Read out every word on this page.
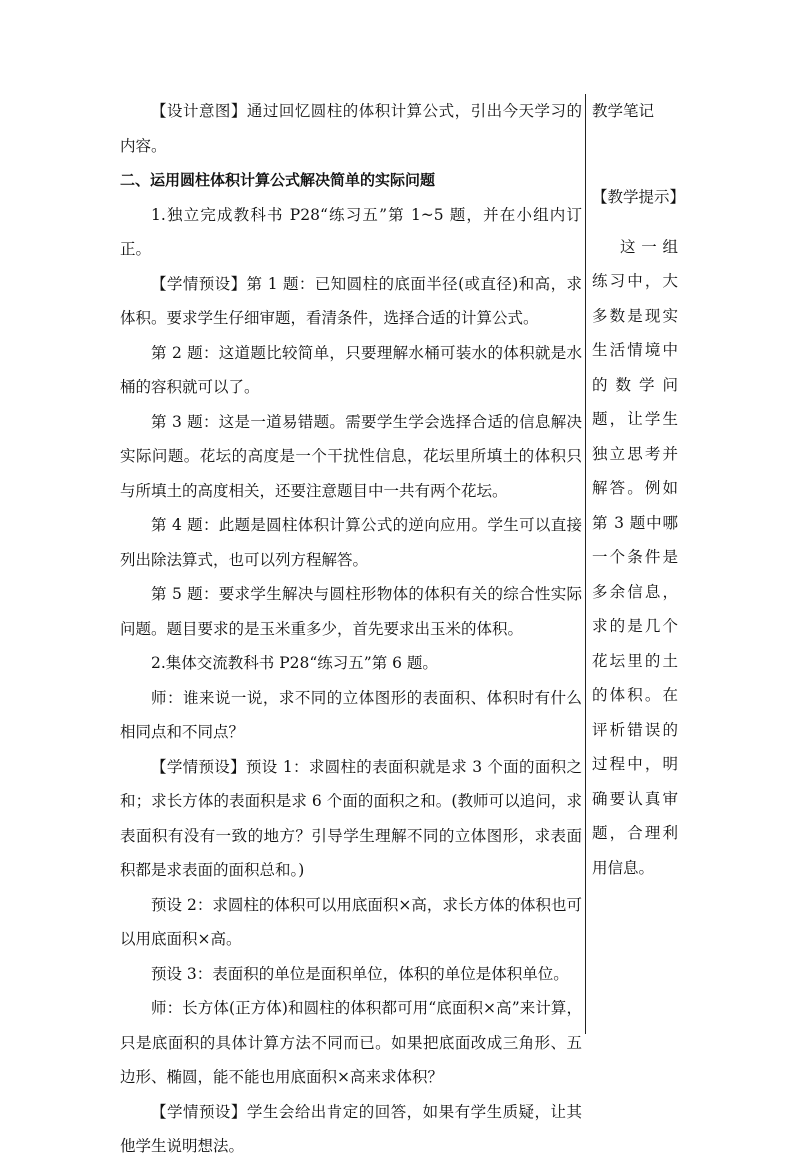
【设计意图】通过回忆圆柱的体积计算公式，引出今天学习的内容。

二、运用圆柱体积计算公式解决简单的实际问题

1.独立完成教科书 P28“练习五”第 1~5 题，并在小组内订正。

【学情预设】第 1 题：已知圆柱的底面半径(或直径)和高，求体积。要求学生仔细审题，看清条件，选择合适的计算公式。

第 2 题：这道题比较简单，只要理解水桶可装水的体积就是水桶的容积就可以了。

第 3 题：这是一道易错题。需要学生学会选择合适的信息解决实际问题。花坛的高度是一个干扰性信息，花坛里所填土的体积只与所填土的高度相关，还要注意题目中一共有两个花坛。

第 4 题：此题是圆柱体积计算公式的逆向应用。学生可以直接列出除法算式，也可以列方程解答。

第 5 题：要求学生解决与圆柱形物体的体积有关的综合性实际问题。题目要求的是玉米重多少，首先要求出玉米的体积。

2.集体交流教科书 P28“练习五”第 6 题。

师：谁来说一说，求不同的立体图形的表面积、体积时有什么相同点和不同点？

【学情预设】预设 1：求圆柱的表面积就是求 3 个面的面积之和；求长方体的表面积是求 6 个面的面积之和。(教师可以追问，求表面积有没有一致的地方？引导学生理解不同的立体图形，求表面积都是求表面的面积总和。)

预设 2：求圆柱的体积可以用底面积×高，求长方体的体积也可以用底面积×高。

预设 3：表面积的单位是面积单位，体积的单位是体积单位。

师：长方体(正方体)和圆柱的体积都可用“底面积×高”来计算，只是底面积的具体计算方法不同而已。如果把底面改成三角形、五边形、椭圆，能不能也用底面积×高来求体积？

【学情预设】学生会给出肯定的回答，如果有学生质疑，让其他学生说明想法。

教学笔记

【教学提示】

这一组练习中，大多数是现实生活情境中的数学问题，让学生独立思考并解答。例如第 3 题中哪一个条件是多余信息，求的是几个花坛里的土的体积。在评析错误的过程中，明确要认真审题，合理利用信息。
